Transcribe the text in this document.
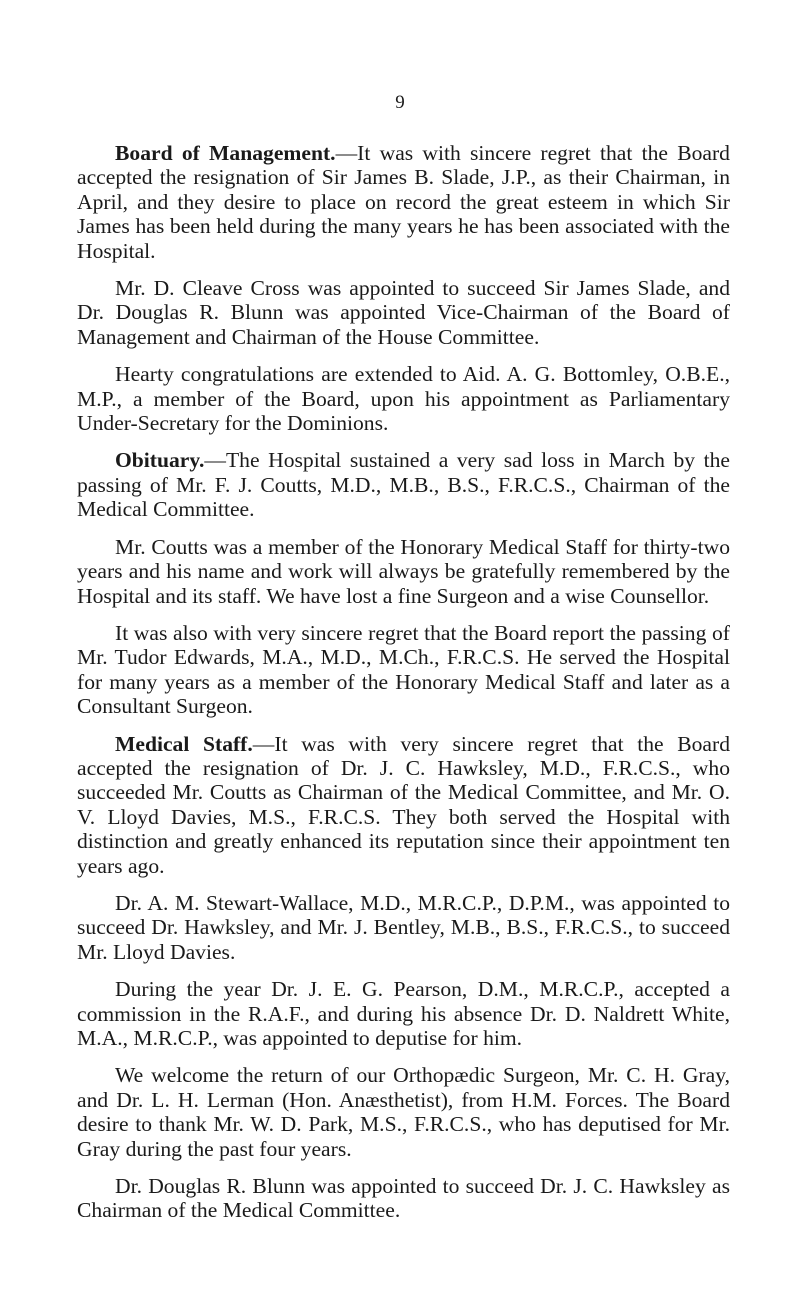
9

Board of Management.—It was with sincere regret that the Board accepted the resignation of Sir James B. Slade, J.P., as their Chairman, in April, and they desire to place on record the great esteem in which Sir James has been held during the many years he has been associated with the Hospital.

Mr. D. Cleave Cross was appointed to succeed Sir James Slade, and Dr. Douglas R. Blunn was appointed Vice-Chairman of the Board of Management and Chairman of the House Committee.

Hearty congratulations are extended to Aid. A. G. Bottomley, O.B.E., M.P., a member of the Board, upon his appointment as Parliamentary Under-Secretary for the Dominions.

Obituary.—The Hospital sustained a very sad loss in March by the passing of Mr. F. J. Coutts, M.D., M.B., B.S., F.R.C.S., Chairman of the Medical Committee.

Mr. Coutts was a member of the Honorary Medical Staff for thirty-two years and his name and work will always be gratefully remembered by the Hospital and its staff. We have lost a fine Surgeon and a wise Counsellor.

It was also with very sincere regret that the Board report the passing of Mr. Tudor Edwards, M.A., M.D., M.Ch., F.R.C.S. He served the Hospital for many years as a member of the Honorary Medical Staff and later as a Consultant Surgeon.

Medical Staff.—It was with very sincere regret that the Board accepted the resignation of Dr. J. C. Hawksley, M.D., F.R.C.S., who succeeded Mr. Coutts as Chairman of the Medical Committee, and Mr. O. V. Lloyd Davies, M.S., F.R.C.S. They both served the Hospital with distinction and greatly enhanced its reputation since their appointment ten years ago.

Dr. A. M. Stewart-Wallace, M.D., M.R.C.P., D.P.M., was appointed to succeed Dr. Hawksley, and Mr. J. Bentley, M.B., B.S., F.R.C.S., to succeed Mr. Lloyd Davies.

During the year Dr. J. E. G. Pearson, D.M., M.R.C.P., accepted a commission in the R.A.F., and during his absence Dr. D. Naldrett White, M.A., M.R.C.P., was appointed to deputise for him.

We welcome the return of our Orthopædic Surgeon, Mr. C. H. Gray, and Dr. L. H. Lerman (Hon. Anæsthetist), from H.M. Forces. The Board desire to thank Mr. W. D. Park, M.S., F.R.C.S., who has deputised for Mr. Gray during the past four years.

Dr. Douglas R. Blunn was appointed to succeed Dr. J. C. Hawksley as Chairman of the Medical Committee.
